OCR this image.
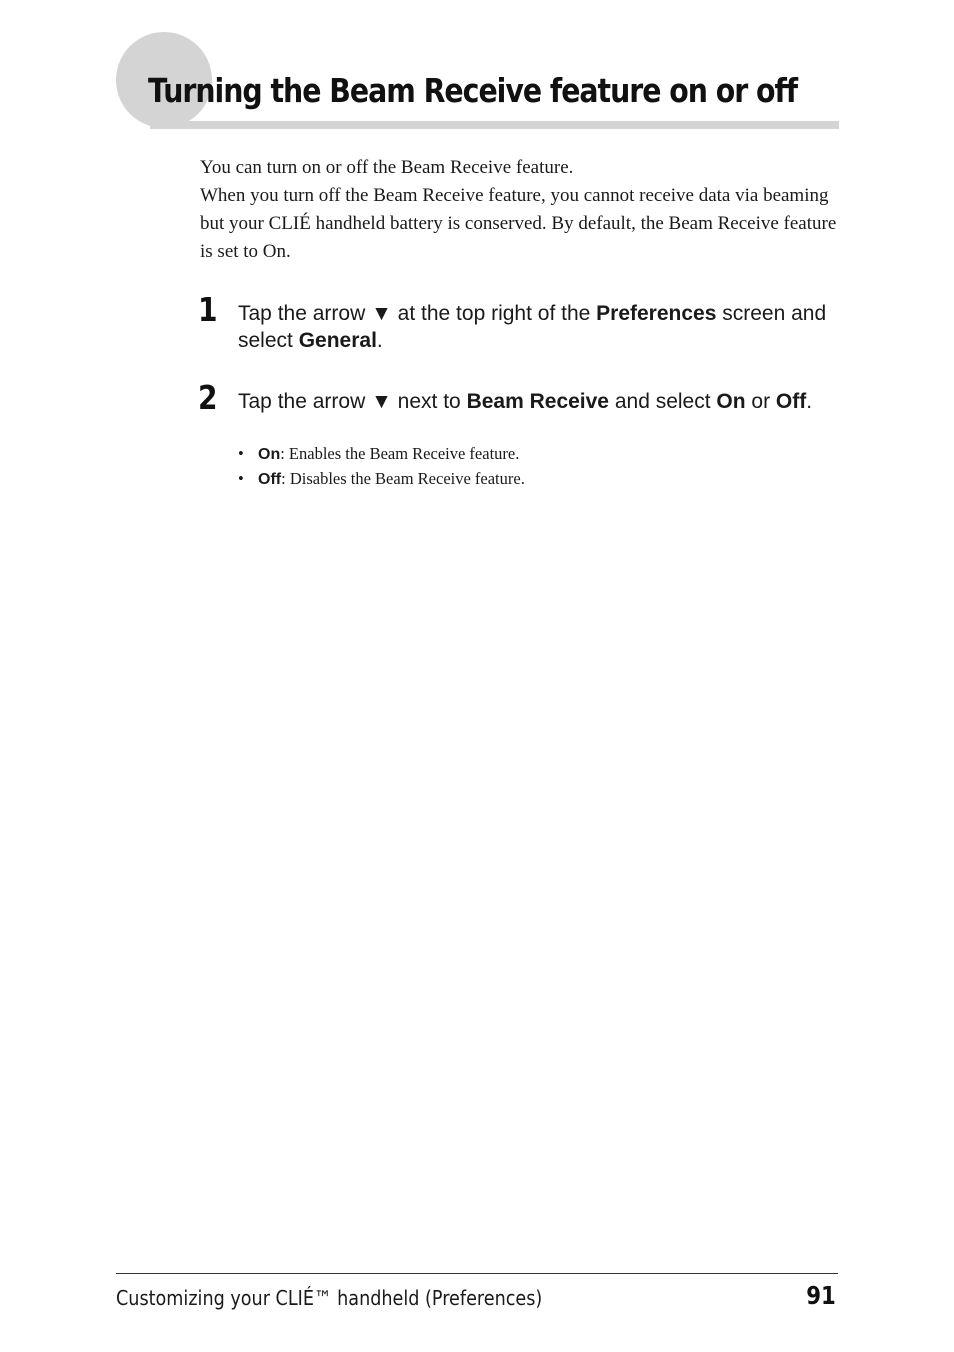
Turning the Beam Receive feature on or off

You can turn on or off the Beam Receive feature.

When you turn off the Beam Receive feature, you cannot receive data via beaming but your CLIÉ handheld battery is conserved. By default, the Beam Receive feature is set to On.

1 Tap the arrow ▼ at the top right of the Preferences screen and select General.
2 Tap the arrow ▼ next to Beam Receive and select On or Off.
• On: Enables the Beam Receive feature.
• Off: Disables the Beam Receive feature.
Customizing your CLIÉ™ handheld (Preferences)	91
